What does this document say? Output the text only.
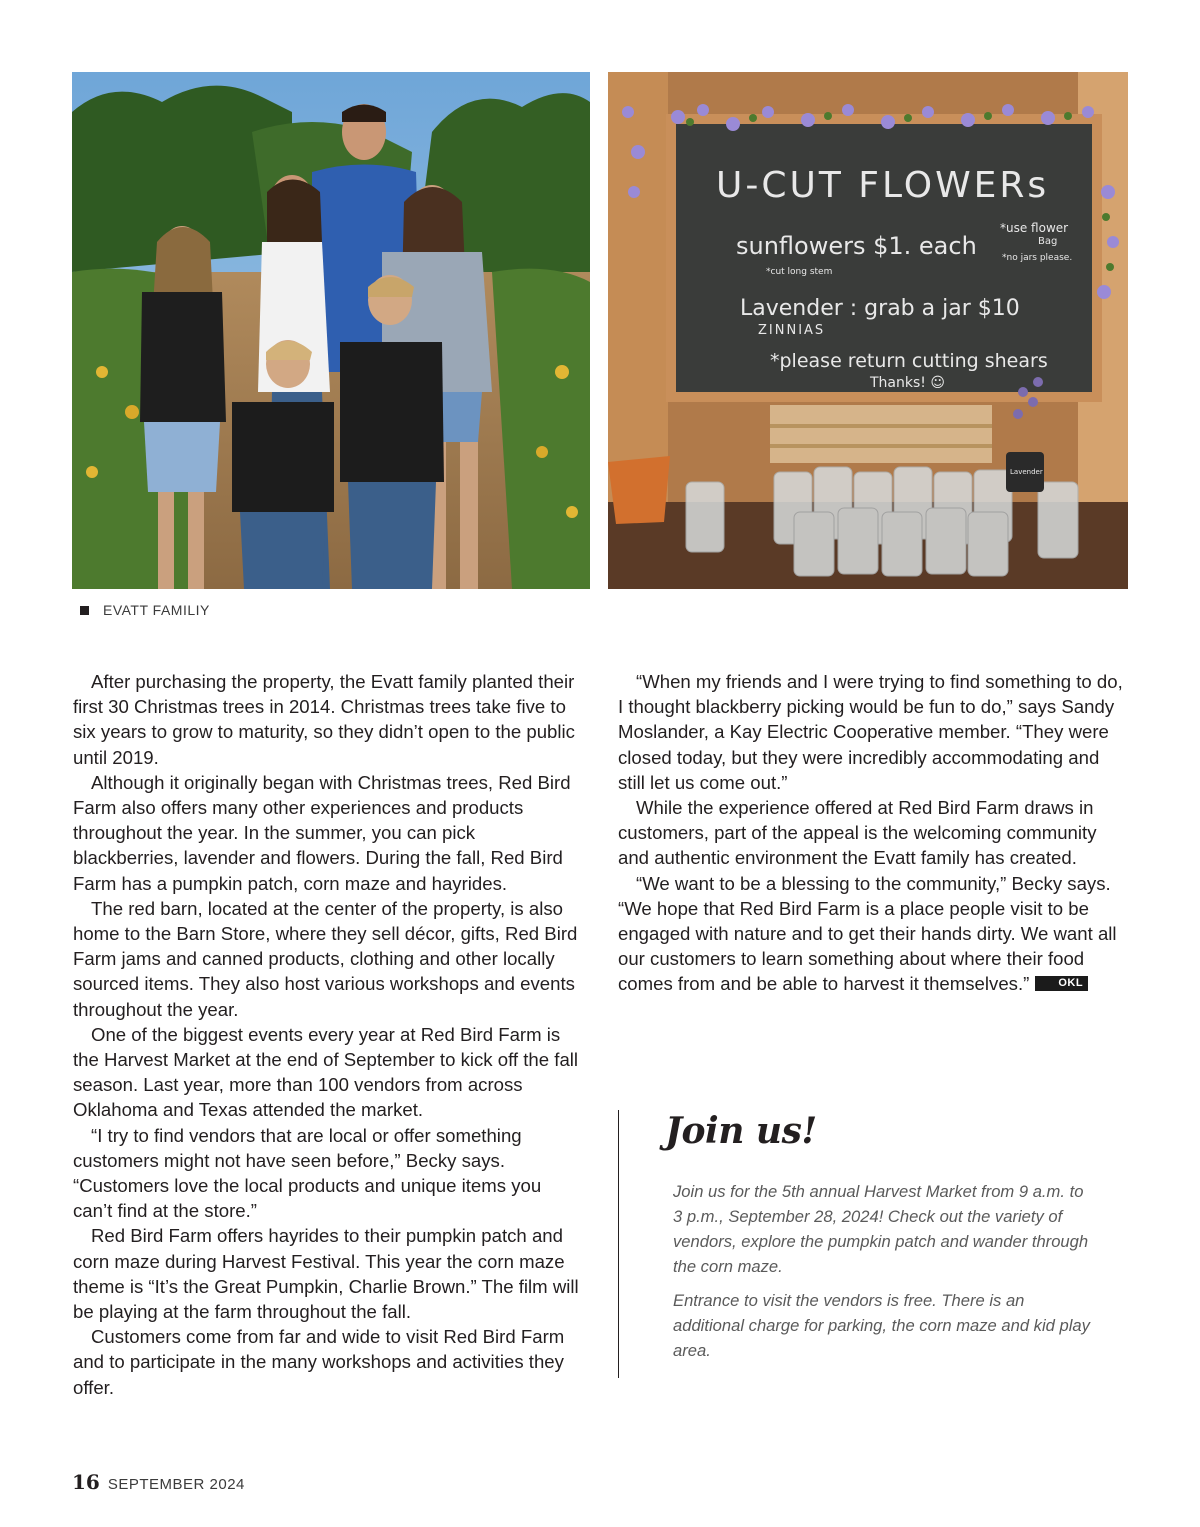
U-CUT FLOWERs
sunflowers $1. each
*cut long stem
*use flower
Bag
*no jars please.
Lavender : grab a jar $10
ZINNIAS
*please return cutting shears
Thanks! ☺
Lavender
EVATT FAMILIY

After purchasing the property, the Evatt family planted their first 30 Christmas trees in 2014. Christmas trees take five to six years to grow to maturity, so they didn’t open to the public until 2019.

Although it originally began with Christmas trees, Red Bird Farm also offers many other experiences and products throughout the year. In the summer, you can pick blackberries, lavender and flowers. During the fall, Red Bird Farm has a pumpkin patch, corn maze and hayrides.

The red barn, located at the center of the property, is also home to the Barn Store, where they sell décor, gifts, Red Bird Farm jams and canned products, clothing and other locally sourced items. They also host various workshops and events throughout the year.

One of the biggest events every year at Red Bird Farm is the Harvest Market at the end of September to kick off the fall season. Last year, more than 100 vendors from across Oklahoma and Texas attended the market.

“I try to find vendors that are local or offer something customers might not have seen before,” Becky says. “Customers love the local products and unique items you can’t find at the store.”

Red Bird Farm offers hayrides to their pumpkin patch and corn maze during Harvest Festival. This year the corn maze theme is “It’s the Great Pumpkin, Charlie Brown.” The film will be playing at the farm throughout the fall.

Customers come from far and wide to visit Red Bird Farm and to participate in the many workshops and activities they offer.

“When my friends and I were trying to find something to do, I thought blackberry picking would be fun to do,” says Sandy Moslander, a Kay Electric Cooperative member. “They were closed today, but they were incredibly accommodating and still let us come out.”

While the experience offered at Red Bird Farm draws in customers, part of the appeal is the welcoming community and authentic environment the Evatt family has created.

“We want to be a blessing to the community,” Becky says. “We hope that Red Bird Farm is a place people visit to be engaged with nature and to get their hands dirty. We want all our customers to learn something about where their food comes from and be able to harvest it themselves.”	OKL

Join us!

Join us for the 5th annual Harvest Market from 9 a.m. to 3 p.m., September 28, 2024! Check out the variety of vendors, explore the pumpkin patch and wander through the corn maze.

Entrance to visit the vendors is free. There is an additional charge for parking, the corn maze and kid play area.

16 SEPTEMBER 2024
